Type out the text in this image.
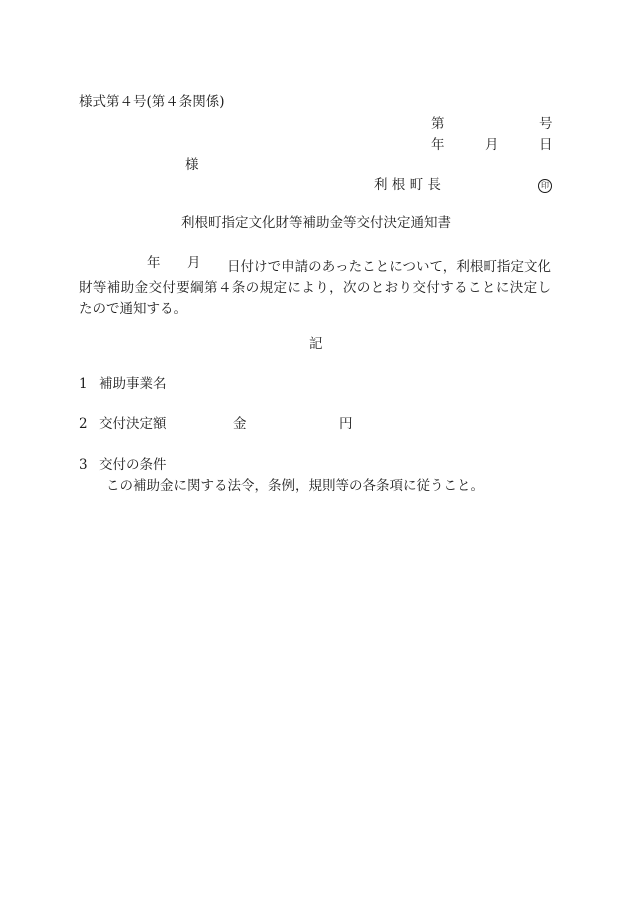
様式第４号(第４条関係)
第	号
年	月	日
様
利 根 町 長	印
利根町指定文化財等補助金等交付決定通知書
年 月	日付けで申請のあったことについて，利根町指定文化財等補助金交付要綱第４条の規定により，次のとおり交付することに決定したので通知する。
記
1 補助事業名
2 交付決定額	金	円
3 交付の条件
この補助金に関する法令，条例，規則等の各条項に従うこと。
